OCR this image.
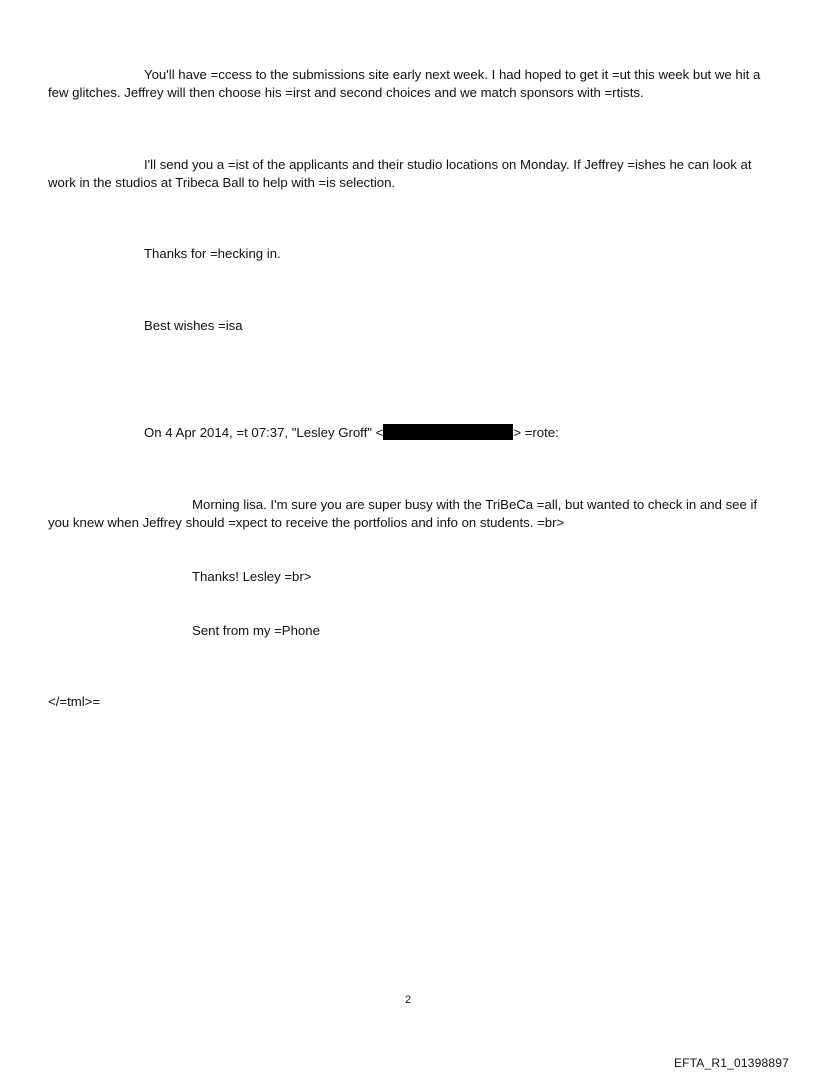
You'll have =ccess to the submissions site early next week. I had hoped to get it =ut this week but we hit a few glitches. Jeffrey will then choose his =irst and second choices and we match sponsors with =rtists.

I'll send you a =ist of the applicants and their studio locations on Monday. If Jeffrey =ishes he can look at work in the studios at Tribeca Ball to help with =is selection.

Thanks for =hecking in.
Best wishes =isa
On 4 Apr 2014, =t 07:37, "Lesley Groff" <	> =rote:

Morning lisa. I'm sure you are super busy with the TriBeCa =all, but wanted to check in and see if you knew when Jeffrey should =xpect to receive the portfolios and info on students. =br>

Thanks! Lesley =br>
Sent from my =Phone
</=tml>=
2
EFTA_R1_01398897
